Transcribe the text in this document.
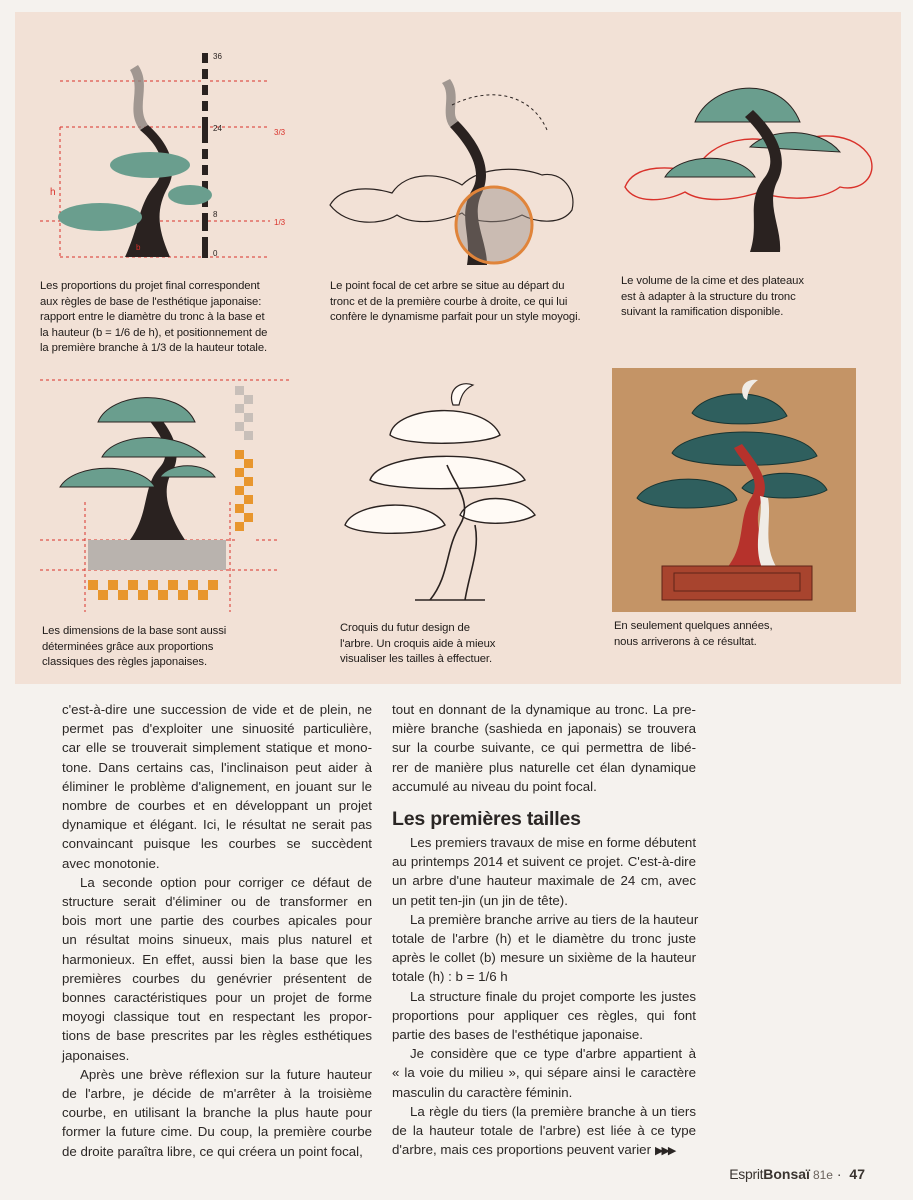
36
24
8
0
3/3
1/3
h
b
Les proportions du projet final correspondent
aux règles de base de l'esthétique japonaise:
rapport entre le diamètre du tronc à la base et
la hauteur (b = 1/6 de h), et positionnement de
la première branche à 1/3 de la hauteur totale.
Le point focal de cet arbre se situe au départ du
tronc et de la première courbe à droite, ce qui lui
confère le dynamisme parfait pour un style moyogi.
Le volume de la cime et des plateaux
est à adapter à la structure du tronc
suivant la ramification disponible.
Les dimensions de la base sont aussi
déterminées grâce aux proportions
classiques des règles japonaises.
Croquis du futur design de
l'arbre. Un croquis aide à mieux
visualiser les tailles à effectuer.
En seulement quelques années,
nous arriverons à ce résultat.

c'est-à-dire une succession de vide et de plein, ne
permet pas d'exploiter une sinuosité particulière,
car elle se trouverait simplement statique et mono-
tone. Dans certains cas, l'inclinaison peut aider à
éliminer le problème d'alignement, en jouant sur le
nombre de courbes et en développant un projet
dynamique et élégant. Ici, le résultat ne serait pas
convaincant puisque les courbes se succèdent
avec monotonie.

La seconde option pour corriger ce défaut de
structure serait d'éliminer ou de transformer en
bois mort une partie des courbes apicales pour
un résultat moins sinueux, mais plus naturel et
harmonieux. En effet, aussi bien la base que les
premières courbes du genévrier présentent de
bonnes caractéristiques pour un projet de forme
moyogi classique tout en respectant les propor-
tions de base prescrites par les règles esthétiques
japonaises.

Après une brève réflexion sur la future hauteur
de l'arbre, je décide de m'arrêter à la troisième
courbe, en utilisant la branche la plus haute pour
former la future cime. Du coup, la première courbe
de droite paraîtra libre, ce qui créera un point focal,

tout en donnant de la dynamique au tronc. La pre-
mière branche (sashieda en japonais) se trouvera
sur la courbe suivante, ce qui permettra de libé-
rer de manière plus naturelle cet élan dynamique
accumulé au niveau du point focal.

Les premières tailles

Les premiers travaux de mise en forme débutent
au printemps 2014 et suivent ce projet. C'est-à-dire
un arbre d'une hauteur maximale de 24 cm, avec
un petit ten-jin (un jin de tête).

La première branche arrive au tiers de la hauteur
totale de l'arbre (h) et le diamètre du tronc juste
après le collet (b) mesure un sixième de la hauteur
totale (h) : b = 1/6 h

La structure finale du projet comporte les justes
proportions pour appliquer ces règles, qui font
partie des bases de l'esthétique japonaise.

Je considère que ce type d'arbre appartient à
« la voie du milieu », qui sépare ainsi le caractère
masculin du caractère féminin.

La règle du tiers (la première branche à un tiers
de la hauteur totale de l'arbre) est liée à ce type
d'arbre, mais ces proportions peuvent varier ▶▶▶

EspritBonsaï 81e · 47
